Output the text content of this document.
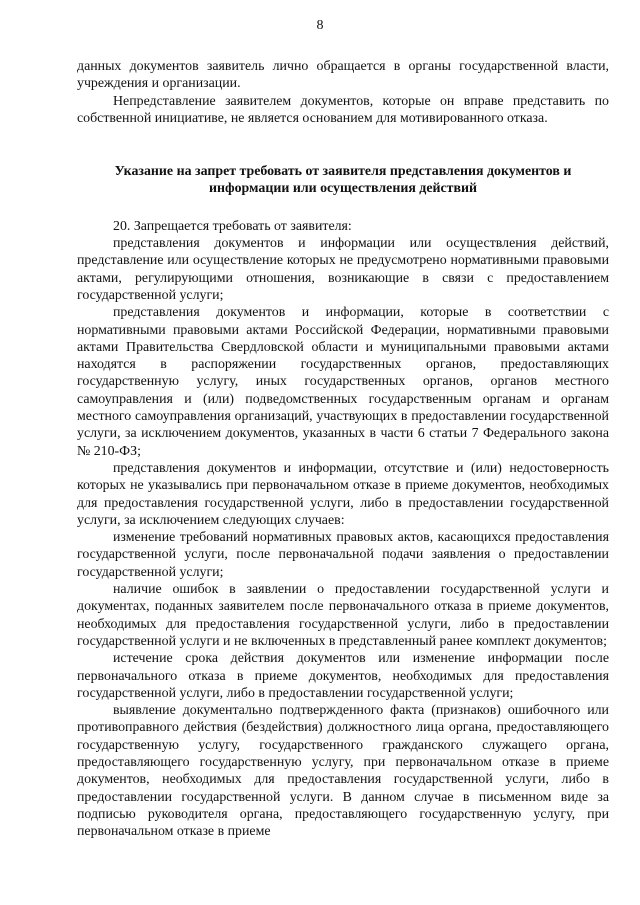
8

данных документов заявитель лично обращается в органы государственной власти, учреждения и организации.

Непредставление заявителем документов, которые он вправе представить по собственной инициативе, не является основанием для мотивированного отказа.

Указание на запрет требовать от заявителя представления документов и информации или осуществления действий

20. Запрещается требовать от заявителя:

представления документов и информации или осуществления действий, представление или осуществление которых не предусмотрено нормативными правовыми актами, регулирующими отношения, возникающие в связи с предоставлением государственной услуги;

представления документов и информации, которые в соответствии с нормативными правовыми актами Российской Федерации, нормативными правовыми актами Правительства Свердловской области и муниципальными правовыми актами находятся в распоряжении государственных органов, предоставляющих государственную услугу, иных государственных органов, органов местного самоуправления и (или) подведомственных государственным органам и органам местного самоуправления организаций, участвующих в предоставлении государственной услуги, за исключением документов, указанных в части 6 статьи 7 Федерального закона № 210-ФЗ;

представления документов и информации, отсутствие и (или) недостоверность которых не указывались при первоначальном отказе в приеме документов, необходимых для предоставления государственной услуги, либо в предоставлении государственной услуги, за исключением следующих случаев:

изменение требований нормативных правовых актов, касающихся предоставления государственной услуги, после первоначальной подачи заявления о предоставлении государственной услуги;

наличие ошибок в заявлении о предоставлении государственной услуги и документах, поданных заявителем после первоначального отказа в приеме документов, необходимых для предоставления государственной услуги, либо в предоставлении государственной услуги и не включенных в представленный ранее комплект документов;

истечение срока действия документов или изменение информации после первоначального отказа в приеме документов, необходимых для предоставления государственной услуги, либо в предоставлении государственной услуги;

выявление документально подтвержденного факта (признаков) ошибочного или противоправного действия (бездействия) должностного лица органа, предоставляющего государственную услугу, государственного гражданского служащего органа, предоставляющего государственную услугу, при первоначальном отказе в приеме документов, необходимых для предоставления государственной услуги, либо в предоставлении государственной услуги. В данном случае в письменном виде за подписью руководителя органа, предоставляющего государственную услугу, при первоначальном отказе в приеме
